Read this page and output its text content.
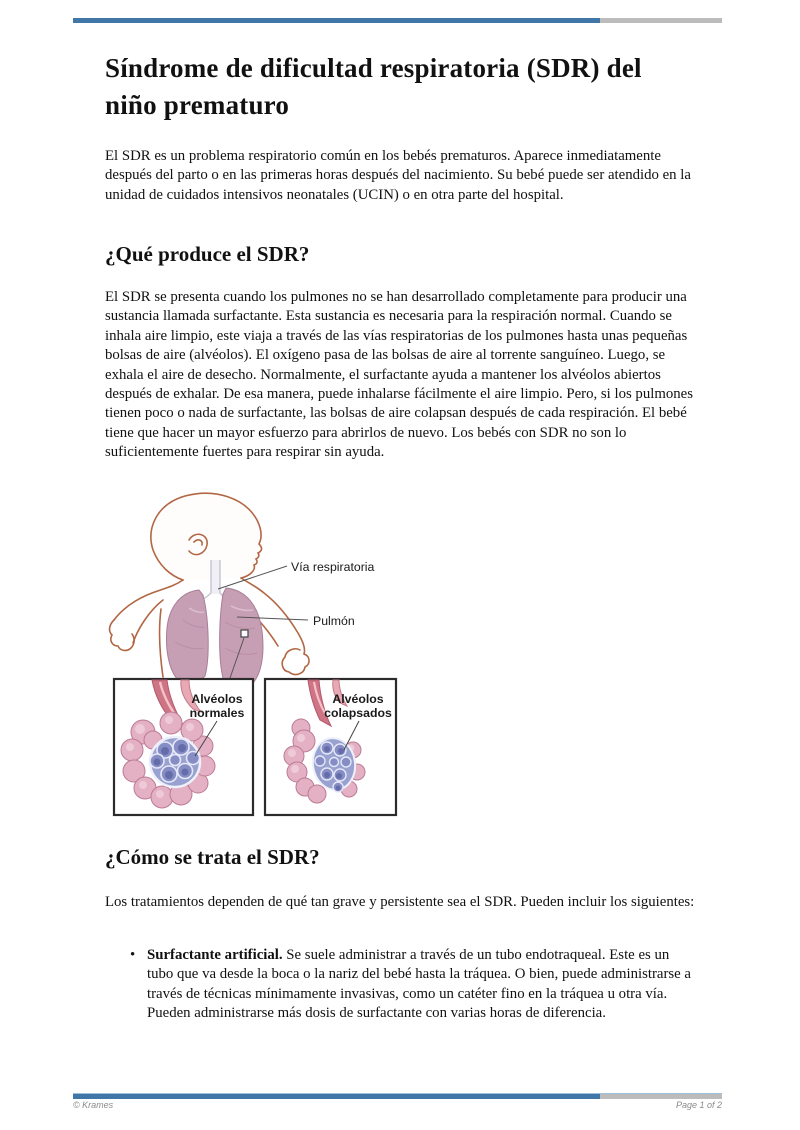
Síndrome de dificultad respiratoria (SDR) del niño prematuro

El SDR es un problema respiratorio común en los bebés prematuros. Aparece inmediatamente después del parto o en las primeras horas después del nacimiento. Su bebé puede ser atendido en la unidad de cuidados intensivos neonatales (UCIN) o en otra parte del hospital.

¿Qué produce el SDR?

El SDR se presenta cuando los pulmones no se han desarrollado completamente para producir una sustancia llamada surfactante. Esta sustancia es necesaria para la respiración normal. Cuando se inhala aire limpio, este viaja a través de las vías respiratorias de los pulmones hasta unas pequeñas bolsas de aire (alvéolos). El oxígeno pasa de las bolsas de aire al torrente sanguíneo. Luego, se exhala el aire de desecho. Normalmente, el surfactante ayuda a mantener los alvéolos abiertos después de exhalar. De esa manera, puede inhalarse fácilmente el aire limpio. Pero, si los pulmones tienen poco o nada de surfactante, las bolsas de aire colapsan después de cada respiración. El bebé tiene que hacer un mayor esfuerzo para abrirlos de nuevo. Los bebés con SDR no son lo suficientemente fuertes para respirar sin ayuda.

Vía respiratoria
Pulmón
Alvéolos
normales
Alvéolos
colapsados
¿Cómo se trata el SDR?

Los tratamientos dependen de qué tan grave y persistente sea el SDR. Pueden incluir los siguientes:

• Surfactante artificial. Se suele administrar a través de un tubo endotraqueal. Este es un tubo que va desde la boca o la nariz del bebé hasta la tráquea. O bien, puede administrarse a través de técnicas mínimamente invasivas, como un catéter fino en la tráquea u otra vía. Pueden administrarse más dosis de surfactante con varias horas de diferencia.
© Krames	Page 1 of 2
